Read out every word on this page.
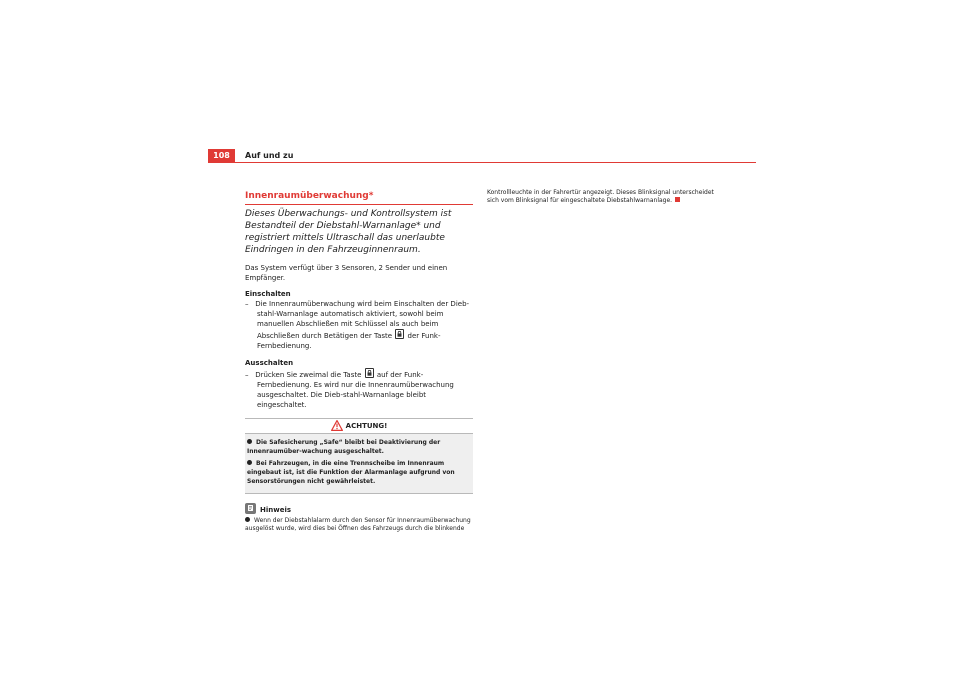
108	Auf und zu
Innenraumüberwachung*

Dieses Überwachungs- und Kontrollsystem ist Bestandteil der Diebstahl-Warnanlage* und registriert mittels Ultraschall das unerlaubte Eindringen in den Fahrzeuginnenraum.

Das System verfügt über 3 Sensoren, 2 Sender und einen Empfänger.

Einschalten

– Die Innenraumüberwachung wird beim Einschalten der Dieb-stahl-Warnanlage automatisch aktiviert, sowohl beim manuellen Abschließen mit Schlüssel als auch beim Abschließen durch Betätigen der Taste der Funk-Fernbedienung.

Ausschalten

– Drücken Sie zweimal die Taste auf der Funk-Fernbedienung. Es wird nur die Innenraumüberwachung ausgeschaltet. Die Dieb-stahl-Warnanlage bleibt eingeschaltet.

ACHTUNG!

Die Safesicherung „Safe“ bleibt bei Deaktivierung der Innenraumüber-wachung ausgeschaltet.

Bei Fahrzeugen, in die eine Trennscheibe im Innenraum eingebaut ist, ist die Funktion der Alarmanlage aufgrund von Sensorstörungen nicht gewährleistet.

Hinweis

Wenn der Diebstahlalarm durch den Sensor für Innenraumüberwachung ausgelöst wurde, wird dies bei Öffnen des Fahrzeugs durch die blinkende

Kontrollleuchte in der Fahrertür angezeigt. Dieses Blinksignal unterscheidet sich vom Blinksignal für eingeschaltete Diebstahlwarnanlage.
